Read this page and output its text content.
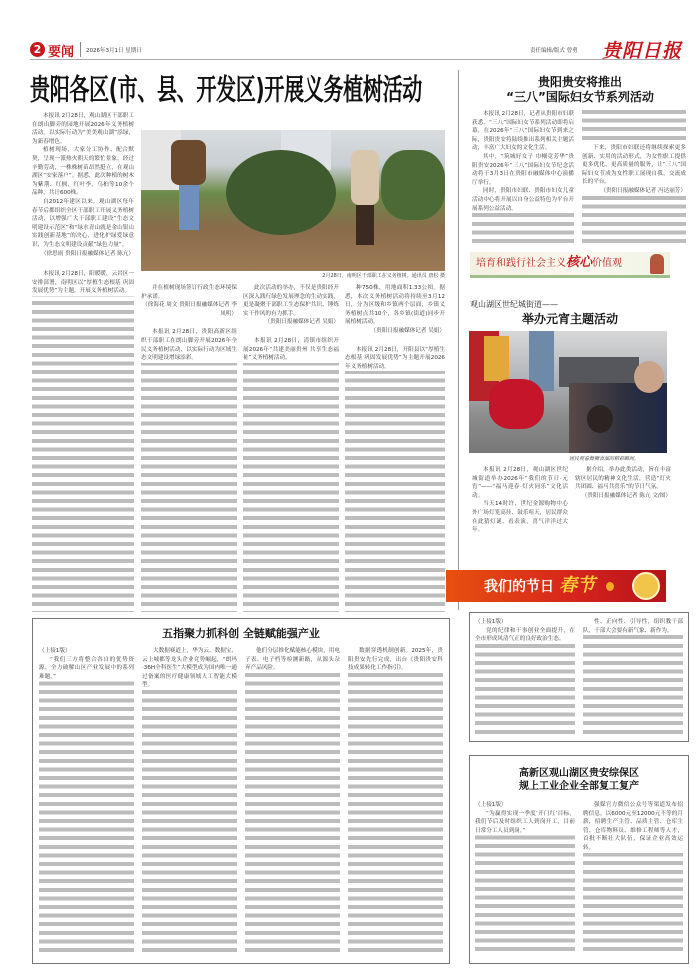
2 要闻 2026年3月1日 星期日	责任编辑/版式 曾勇 贵阳日报
贵阳各区(市、县、开发区)开展义务植树活动

本报讯 2月28日，观山湖区干部职工在朗山脚旁的园地开展2026年义务植树活动，以实际行动为“美美观山湖”添绿，为新春增色。

植树现场，大家分工协作、配合默契，呈现一派热火朝天的繁忙景象。经过辛勤劳动，一株株树苗昂然挺立，在观山湖区“安家落户”。据悉，此次种植的树木为紫荆、红枫、红叶李、乌桕等10余个品种，共计600株。

自2012年建区以来，观山湖区每年春节后都组织全区干部职工开展义务植树活动，以增强广大干部职工建设“生态文明建设示范区”和“绿水青山就是金山银山实践创新基地”的决心，进化护绿爱绿意识，为生态文明建设贡献“绿色力量”。

（徐思雨 贵阳日报融媒体记者 陈亢）

本报讯 2月28日，阳暖暖，云岩区一安排部署，南明区以“厚植生态根基 巩固发展优势”为主题，开展义务植树活动。

2月28日，南明区干部职工在义务植树。通讯员 唐松 摄

并在植树现场签订行政生态环境保护承诺。

（徐海花 周文 贵阳日报融媒体记者 李凤明）

本报讯 2月28日，贵阳高新区组织干部职工在朗山脚旁开展2026年全民义务植树活动，以实际行动为区域生态文明建设增绿添彩。

此次活动的举办，不仅是贵阳经开区深入践行绿色发展理念的生动实践，更是凝聚干部职工生态保护共识、锤炼实干作风的有力抓手。

（贵阳日报融媒体记者 吴娟）

本报讯 2月28日，清镇市组织开展2026年“共建美丽贵州 共享生态福祉”义务植树活动。

种750株，用地面积1.33公顷。据悉，本次义务植树活动将持续至3月12日，分为区级和乡镇两个层面，乡镇义务植树点共10个，各乡镇(街道)同步开展植树活动。

（贵阳日报融媒体记者 吴娟）

本报讯 2月28日，开阳县以“厚植生态根基 巩固发展优势”为主题开展2026年义务植树活动。

贵阳贵安将推出
“三八”国际妇女节系列活动

本报讯 2月28日，记者从贵阳市妇联获悉，“三八”国际妇女节系列活动即将启幕，在2026年“三八”国际妇女节到来之际，贵阳贵安将陆续推出系列相关主题活动，丰富广大妇女的文化生活。

其中，“筑城好女子 巾帼竞芳华”贵阳贵安2026年“三八”国际妇女节纪念活动将于3月3日在贵阳市融媒体中心演播厅举行。

同时，贵阳市妇联、贵阳市妇女儿童活动中心将开展以自身公益特色为平台开展系列公益活动。

下来，贵阳市妇联还将继续探索更多创新、实用的活动形式，为女性职工提供更多优化、更高质量的服务，让“三八”国际妇女节成为女性职工展现自我、交流成长的平台。

（贵阳日报融媒体记者 冯达丽芳）

培育和践行社会主义核心价值观
观山湖区世纪城街道——
举办元宵主题活动
居民观看舞狮表演的精彩瞬间。

本报讯 2月28日，观山湖区世纪城街道举办2026年“我们的节日·元宵”——“福马迎春·灯火同乐”文化活动。

当天14时许，世纪金源购物中心外广场灯笼高挂、鼓乐喧天，居民群众在此猜灯谜、看表演，喜气洋洋过大年。

据介绍，举办此类活动，旨在丰富辖区居民的精神文化生活，营造“灯火共团圆、福马共喜乐”的节日气氛。

（贵阳日报融媒体记者 陈亢 文/图）

我们的节日 春节
五指聚力抓科创 全链赋能强产业

（上接1版）

“我们三方将整合各自的优势资源，全力破解山区产业发展中的系列难题。”

大数据赛道上，华为云、数据宝、云上城都等龙头企业竞势崛起，“朗玛·36H全科医生”大模型成为国内唯一通过备案的医疗健康领域人工智能大模型。

他们分层推化赋能核心模块，用电子表、电子档等检测新路，从源头杂弃产品风险。

数据穿透机制创新。2025年，贵阳贵安先行完成，出台《贵阳贵安科技成果转化工作指引》。

（上接1版）

党的纪律和干事创业全面提升，在全市形成风清气正的良好政治生态。

性、正向性、引导性，组织教干部队，干部大会要有新气象、新作为。

高新区观山湖区贵安综保区
规上工业企业全部复工复产

（上接1版）

“为赢得实现一季度‘开门红’目标，我们节后及时组织工人到岗开工，目前日常分工人员到岗。”

强媒官方微信公众号等渠道发布招聘信息，以6000元至12000元不等的月薪，招聘生产主管、品质主管、仓库主管、仓库物料员、维修工程师等人才，首批不断壮大队伍，保证企业高效运转。
